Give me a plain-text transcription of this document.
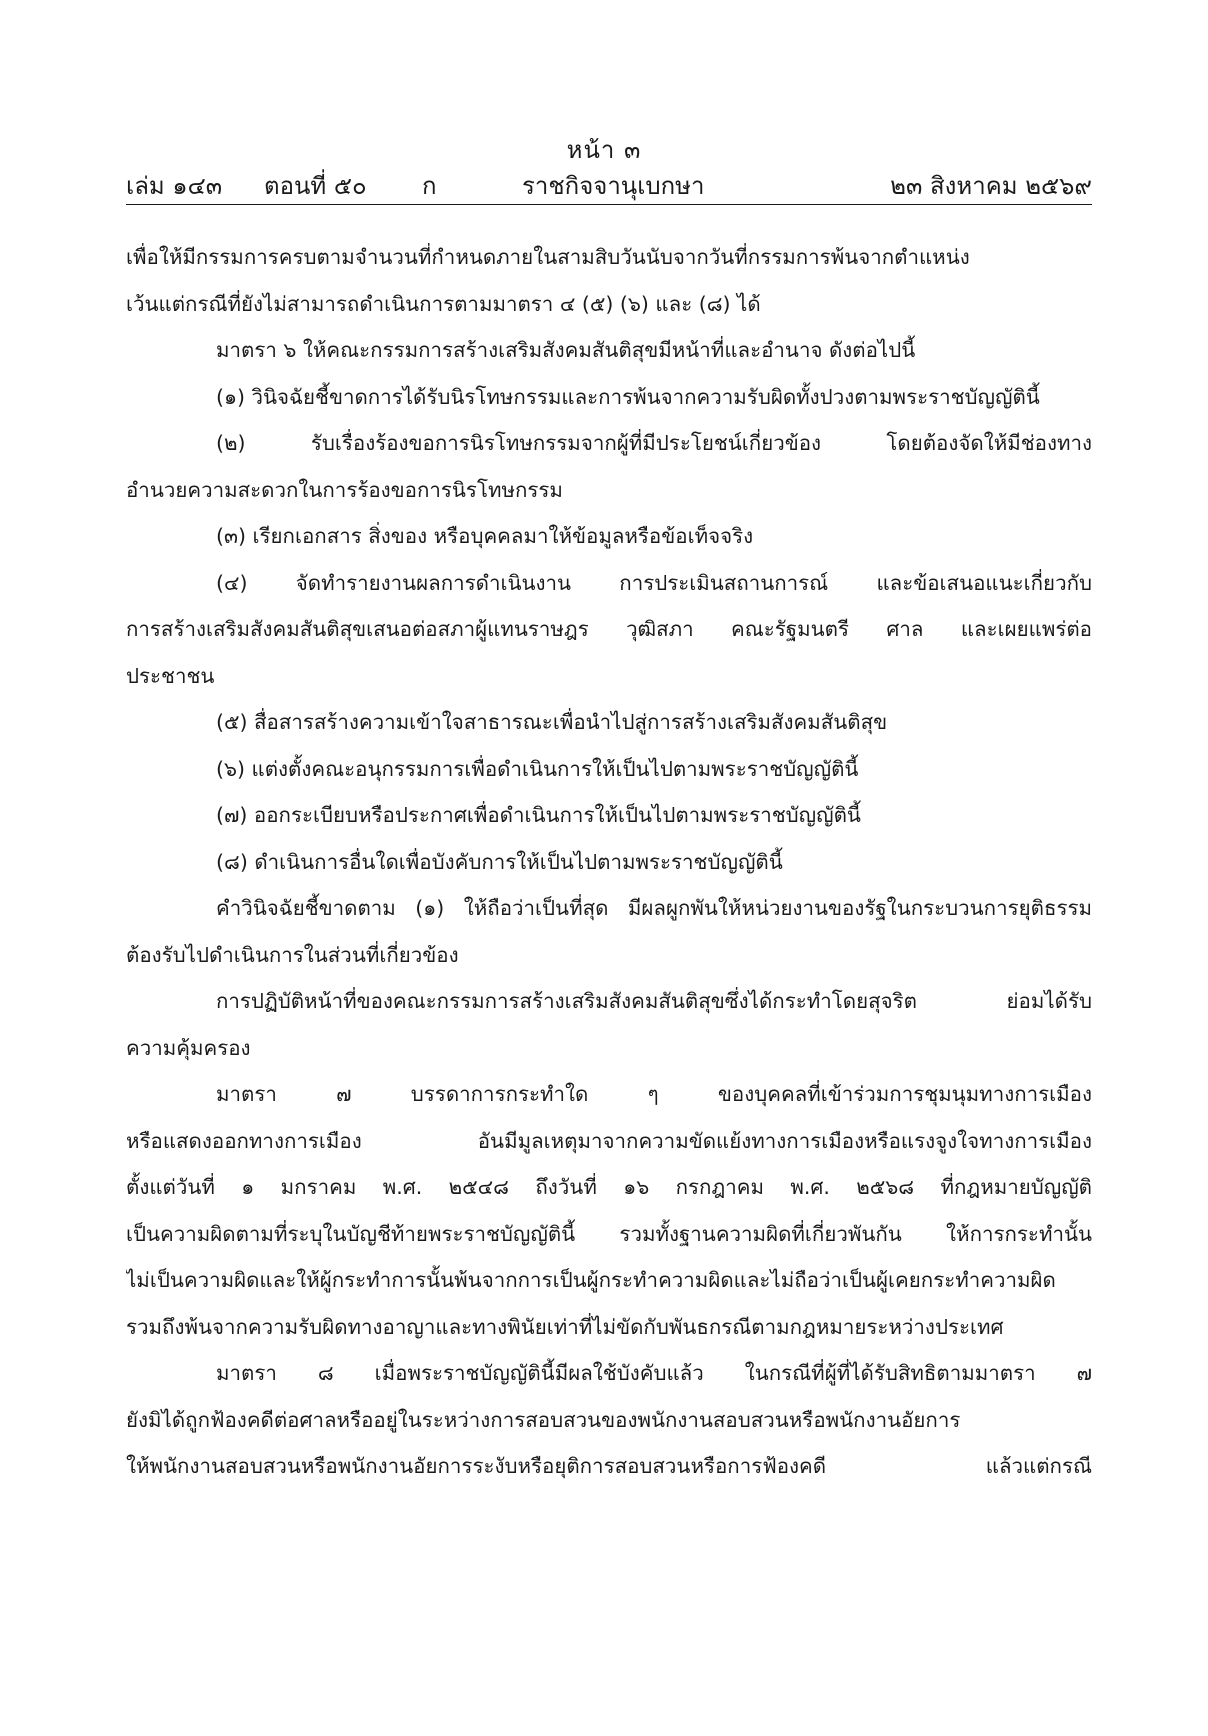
หน้า ๓
เล่ม ๑๔๓ ตอนที่ ๕๐ ก	ราชกิจจานุเบกษา	๒๓ สิงหาคม ๒๕๖๙
เพื่อให้มีกรรมการครบตามจำนวนที่กำหนดภายในสามสิบวันนับจากวันที่กรรมการพ้นจากตำแหน่ง
เว้นแต่กรณีที่ยังไม่สามารถดำเนินการตามมาตรา ๔ (๕) (๖) และ (๘) ได้
มาตรา ๖ ให้คณะกรรมการสร้างเสริมสังคมสันติสุขมีหน้าที่และอำนาจ ดังต่อไปนี้
(๑) วินิจฉัยชี้ขาดการได้รับนิรโทษกรรมและการพ้นจากความรับผิดทั้งปวงตามพระราชบัญญัตินี้
(๒) รับเรื่องร้องขอการนิรโทษกรรมจากผู้ที่มีประโยชน์เกี่ยวข้อง โดยต้องจัดให้มีช่องทาง
อำนวยความสะดวกในการร้องขอการนิรโทษกรรม
(๓) เรียกเอกสาร สิ่งของ หรือบุคคลมาให้ข้อมูลหรือข้อเท็จจริง
(๔) จัดทำรายงานผลการดำเนินงาน การประเมินสถานการณ์ และข้อเสนอแนะเกี่ยวกับ
การสร้างเสริมสังคมสันติสุขเสนอต่อสภาผู้แทนราษฎร วุฒิสภา คณะรัฐมนตรี ศาล และเผยแพร่ต่อ
ประชาชน
(๕) สื่อสารสร้างความเข้าใจสาธารณะเพื่อนำไปสู่การสร้างเสริมสังคมสันติสุข
(๖) แต่งตั้งคณะอนุกรรมการเพื่อดำเนินการให้เป็นไปตามพระราชบัญญัตินี้
(๗) ออกระเบียบหรือประกาศเพื่อดำเนินการให้เป็นไปตามพระราชบัญญัตินี้
(๘) ดำเนินการอื่นใดเพื่อบังคับการให้เป็นไปตามพระราชบัญญัตินี้
คำวินิจฉัยชี้ขาดตาม (๑) ให้ถือว่าเป็นที่สุด มีผลผูกพันให้หน่วยงานของรัฐในกระบวนการยุติธรรม
ต้องรับไปดำเนินการในส่วนที่เกี่ยวข้อง
การปฏิบัติหน้าที่ของคณะกรรมการสร้างเสริมสังคมสันติสุขซึ่งได้กระทำโดยสุจริต ย่อมได้รับ
ความคุ้มครอง
มาตรา ๗ บรรดาการกระทำใด ๆ ของบุคคลที่เข้าร่วมการชุมนุมทางการเมือง
หรือแสดงออกทางการเมือง อันมีมูลเหตุมาจากความขัดแย้งทางการเมืองหรือแรงจูงใจทางการเมือง
ตั้งแต่วันที่ ๑ มกราคม พ.ศ. ๒๕๔๘ ถึงวันที่ ๑๖ กรกฎาคม พ.ศ. ๒๕๖๘ ที่กฎหมายบัญญัติ
เป็นความผิดตามที่ระบุในบัญชีท้ายพระราชบัญญัตินี้ รวมทั้งฐานความผิดที่เกี่ยวพันกัน ให้การกระทำนั้น
ไม่เป็นความผิดและให้ผู้กระทำการนั้นพ้นจากการเป็นผู้กระทำความผิดและไม่ถือว่าเป็นผู้เคยกระทำความผิด
รวมถึงพ้นจากความรับผิดทางอาญาและทางพินัยเท่าที่ไม่ขัดกับพันธกรณีตามกฎหมายระหว่างประเทศ
มาตรา ๘ เมื่อพระราชบัญญัตินี้มีผลใช้บังคับแล้ว ในกรณีที่ผู้ที่ได้รับสิทธิตามมาตรา ๗
ยังมิได้ถูกฟ้องคดีต่อศาลหรืออยู่ในระหว่างการสอบสวนของพนักงานสอบสวนหรือพนักงานอัยการ
ให้พนักงานสอบสวนหรือพนักงานอัยการระงับหรือยุติการสอบสวนหรือการฟ้องคดี แล้วแต่กรณี
